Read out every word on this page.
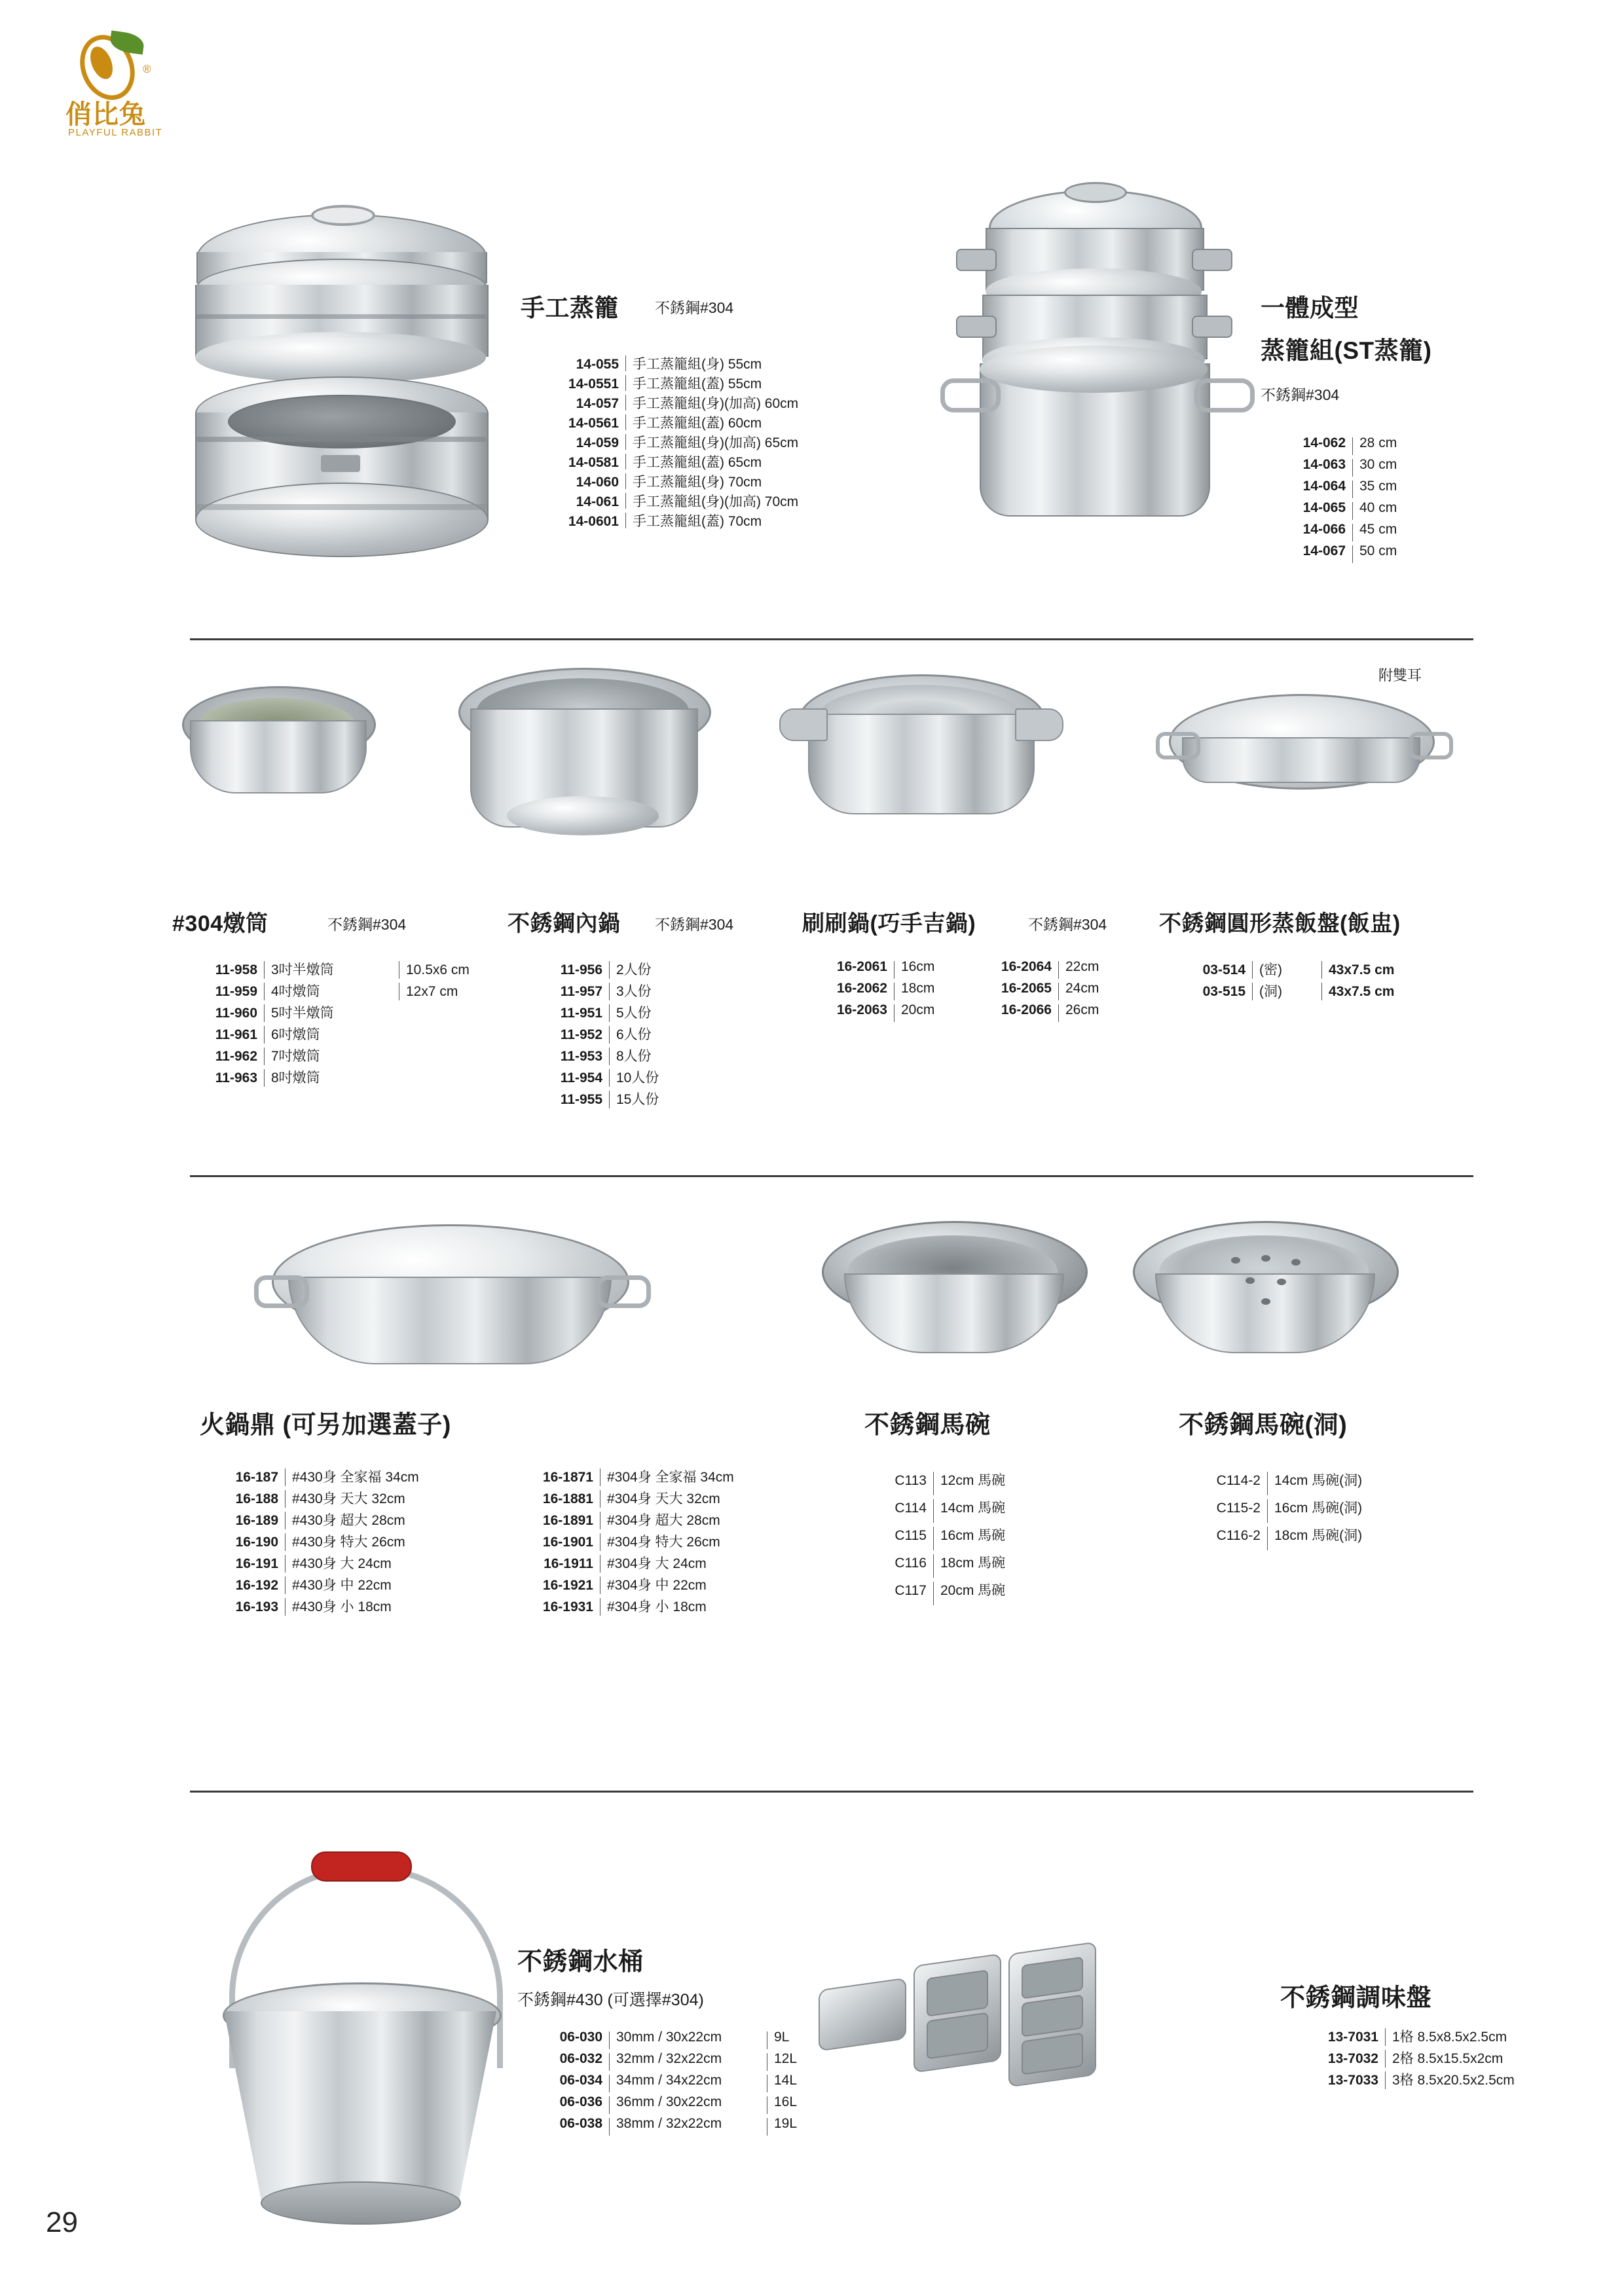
®
俏比兔
PLAYFUL RABBIT
手工蒸籠 不銹鋼#304
14-055	手工蒸籠組(身) 55cm
14-0551	手工蒸籠組(蓋) 55cm
14-057	手工蒸籠組(身)(加高) 60cm
14-0561	手工蒸籠組(蓋) 60cm
14-059	手工蒸籠組(身)(加高) 65cm
14-0581	手工蒸籠組(蓋) 65cm
14-060	手工蒸籠組(身) 70cm
14-061	手工蒸籠組(身)(加高) 70cm
14-0601	手工蒸籠組(蓋) 70cm
一體成型
蒸籠組(ST蒸籠)
不銹鋼#304
14-062	28 cm
14-063	30 cm
14-064	35 cm
14-065	40 cm
14-066	45 cm
14-067	50 cm
附雙耳
#304燉筒	不銹鋼#304	不銹鋼內鍋 不銹鋼#304	刷刷鍋(巧手吉鍋)	不銹鋼#304 不銹鋼圓形蒸飯盤(飯盅)
11-958	3吋半燉筒	10.5x6 cm
11-959	4吋燉筒	12x7 cm
11-960	5吋半燉筒
11-961	6吋燉筒
11-962	7吋燉筒
11-963	8吋燉筒
11-956	2人份
11-957	3人份
11-951	5人份
11-952	6人份
11-953	8人份
11-954	10人份
11-955	15人份
16-2061	16cm	16-2064	22cm
16-2062	18cm	16-2065	24cm
16-2063	20cm	16-2066	26cm
03-514	(密)	43x7.5 cm
03-515	(洞)	43x7.5 cm
火鍋鼎 (可另加選蓋子)	不銹鋼馬碗	不銹鋼馬碗(洞)
16-187	#430身 全家福 34cm	16-1871	#304身 全家福 34cm
16-188	#430身 天大 32cm	16-1881	#304身 天大 32cm
16-189	#430身 超大 28cm	16-1891	#304身 超大 28cm
16-190	#430身 特大 26cm	16-1901	#304身 特大 26cm
16-191	#430身 大 24cm	16-1911	#304身 大 24cm
16-192	#430身 中 22cm	16-1921	#304身 中 22cm
16-193	#430身 小 18cm	16-1931	#304身 小 18cm
C113	12cm 馬碗
C114	14cm 馬碗
C115	16cm 馬碗
C116	18cm 馬碗
C117	20cm 馬碗
C114-2	14cm 馬碗(洞)
C115-2	16cm 馬碗(洞)
C116-2	18cm 馬碗(洞)
不銹鋼水桶
不銹鋼#430 (可選擇#304)
06-030	30mm / 30x22cm	9L
06-032	32mm / 32x22cm	12L
06-034	34mm / 34x22cm	14L
06-036	36mm / 30x22cm	16L
06-038	38mm / 32x22cm	19L
不銹鋼調味盤
13-7031	1格 8.5x8.5x2.5cm
13-7032	2格 8.5x15.5x2cm
13-7033	3格 8.5x20.5x2.5cm
29
